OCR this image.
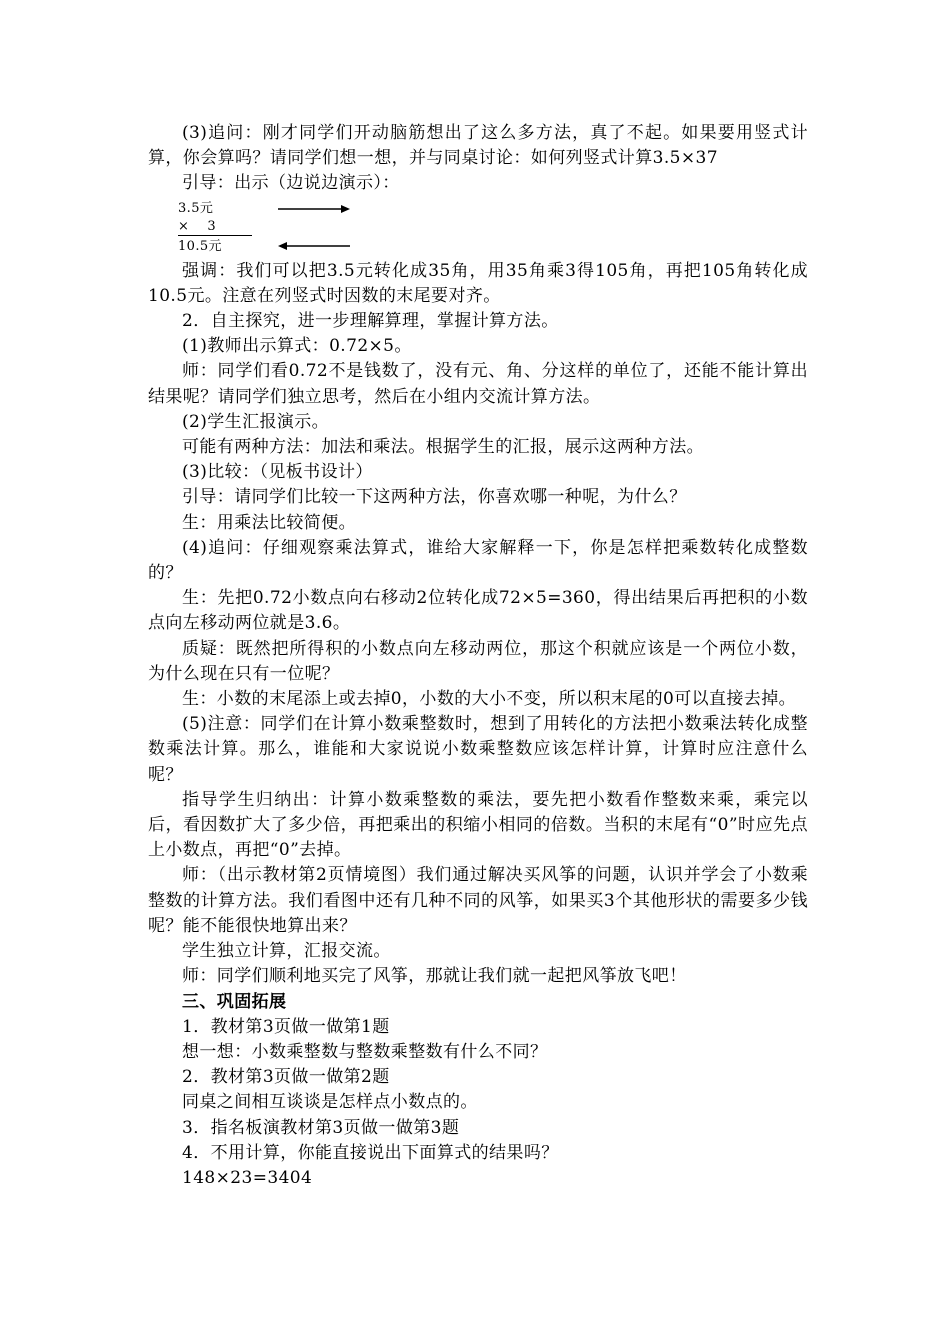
(3)追问：刚才同学们开动脑筋想出了这么多方法，真了不起。如果要用竖式计算，你会算吗？请同学们想一想，并与同桌讨论：如何列竖式计算3.5×37

引导：出示（边说边演示）：

3.5元
×    3
10.5元

强调：我们可以把3.5元转化成35角，用35角乘3得105角，再把105角转化成10.5元。注意在列竖式时因数的末尾要对齐。

2．自主探究，进一步理解算理，掌握计算方法。

(1)教师出示算式：0.72×5。

师：同学们看0.72不是钱数了，没有元、角、分这样的单位了，还能不能计算出结果呢？请同学们独立思考，然后在小组内交流计算方法。

(2)学生汇报演示。

可能有两种方法：加法和乘法。根据学生的汇报，展示这两种方法。

(3)比较：（见板书设计）

引导：请同学们比较一下这两种方法，你喜欢哪一种呢，为什么？

生：用乘法比较简便。

(4)追问：仔细观察乘法算式，谁给大家解释一下，你是怎样把乘数转化成整数的？

生：先把0.72小数点向右移动2位转化成72×5=360，得出结果后再把积的小数点向左移动两位就是3.6。

质疑：既然把所得积的小数点向左移动两位，那这个积就应该是一个两位小数，为什么现在只有一位呢？

生：小数的末尾添上或去掉0，小数的大小不变，所以积末尾的0可以直接去掉。

(5)注意：同学们在计算小数乘整数时，想到了用转化的方法把小数乘法转化成整数乘法计算。那么，谁能和大家说说小数乘整数应该怎样计算，计算时应注意什么呢？

指导学生归纳出：计算小数乘整数的乘法，要先把小数看作整数来乘，乘完以后，看因数扩大了多少倍，再把乘出的积缩小相同的倍数。当积的末尾有“0”时应先点上小数点，再把“0”去掉。

师：（出示教材第2页情境图）我们通过解决买风筝的问题，认识并学会了小数乘整数的计算方法。我们看图中还有几种不同的风筝，如果买3个其他形状的需要多少钱呢？能不能很快地算出来？

学生独立计算，汇报交流。

师：同学们顺利地买完了风筝，那就让我们就一起把风筝放飞吧！

三、巩固拓展

1．教材第3页做一做第1题

想一想：小数乘整数与整数乘整数有什么不同？

2．教材第3页做一做第2题

同桌之间相互谈谈是怎样点小数点的。

3．指名板演教材第3页做一做第3题

4．不用计算，你能直接说出下面算式的结果吗？

148×23=3404
